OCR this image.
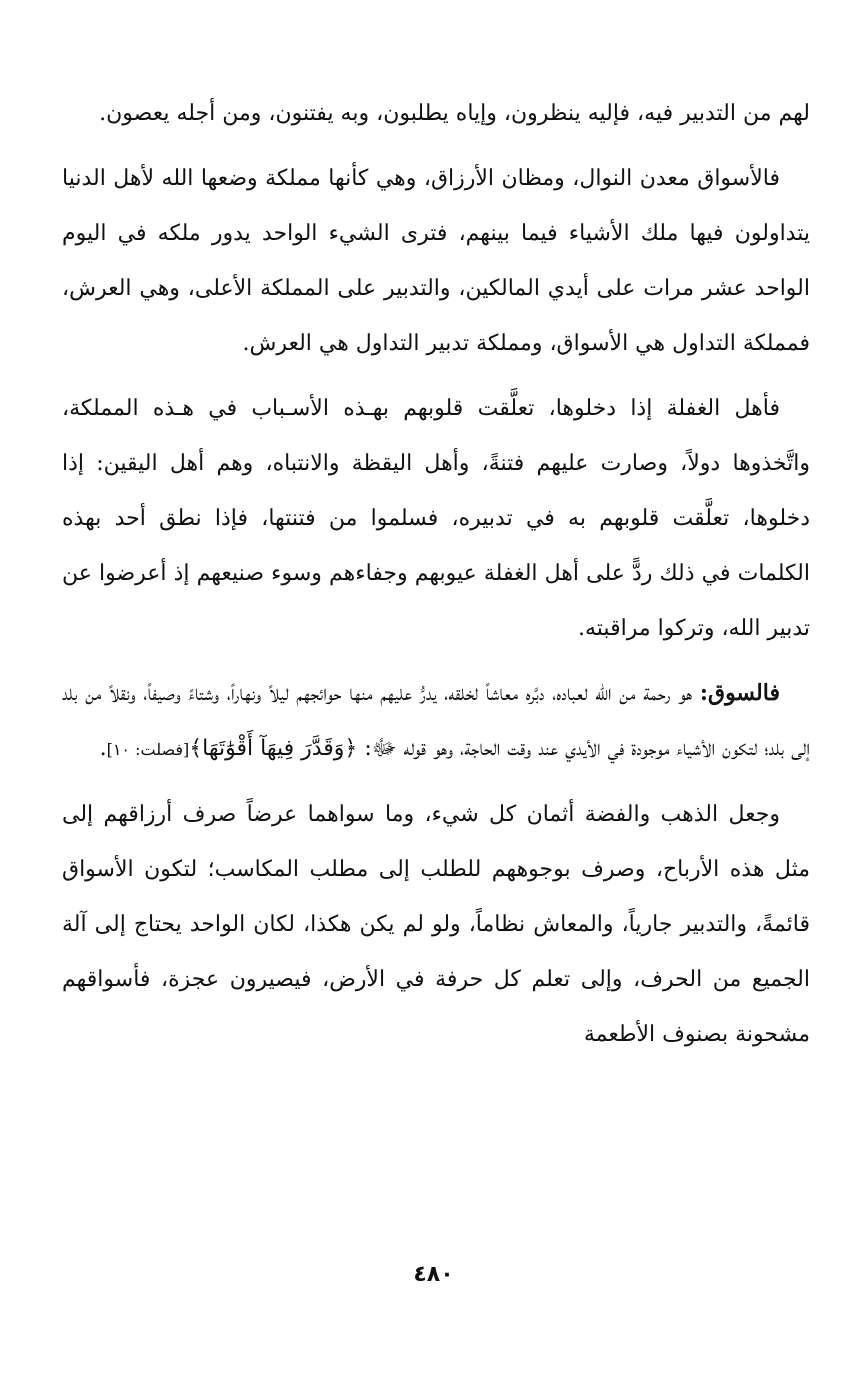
لهم من التدبير فيه، فإليه ينظرون، وإياه يطلبون، وبه يفتنون، ومن أجله يعصون.

فالأسواق معدن النوال، ومظان الأرزاق، وهي كأنها مملكة وضعها الله لأهل الدنيا يتداولون فيها ملك الأشياء فيما بينهم، فترى الشيء الواحد يدور ملكه في اليوم الواحد عشر مرات على أيدي المالكين، والتدبير على المملكة الأعلى، وهي العرش، فمملكة التداول هي الأسواق، ومملكة تدبير التداول هي العرش.

فأهل الغفلة إذا دخلوها، تعلَّقت قلوبهم بهـذه الأسـباب في هـذه المملكة، واتَّخذوها دولاً، وصارت عليهم فتنةً، وأهل اليقظة والانتباه، وهم أهل اليقين: إذا دخلوها، تعلَّقت قلوبهم به في تدبيره، فسلموا من فتنتها، فإذا نطق أحد بهذه الكلمات في ذلك ردًّ على أهل الغفلة عيوبهم وجفاءهم وسوء صنيعهم إذ أعرضوا عن تدبير الله، وتركوا مراقبته.

فالسوق: هو رحمة من الله لعباده، دبَّره معاشاً لخلقه، يدرُّ عليهم منها حوائجهم ليلاً ونهاراً، وشتاءً وصيفاً، ونقلاً من بلد إلى بلد؛ لتكون الأشياء موجودة في الأيدي عند وقت الحاجة، وهو قوله ﷻ: ﴿وَقَدَّرَ فِيهَآ أَقْوَٰتَهَا﴾[فصلت: ١٠].

وجعل الذهب والفضة أثمان كل شيء، وما سواهما عرضاً صرف أرزاقهم إلى مثل هذه الأرباح، وصرف بوجوههم للطلب إلى مطلب المكاسب؛ لتكون الأسواق قائمةً، والتدبير جارياً، والمعاش نظاماً، ولو لم يكن هكذا، لكان الواحد يحتاج إلى آلة الجميع من الحرف، وإلى تعلم كل حرفة في الأرض، فيصيرون عجزة، فأسواقهم مشحونة بصنوف الأطعمة

٤٨٠
